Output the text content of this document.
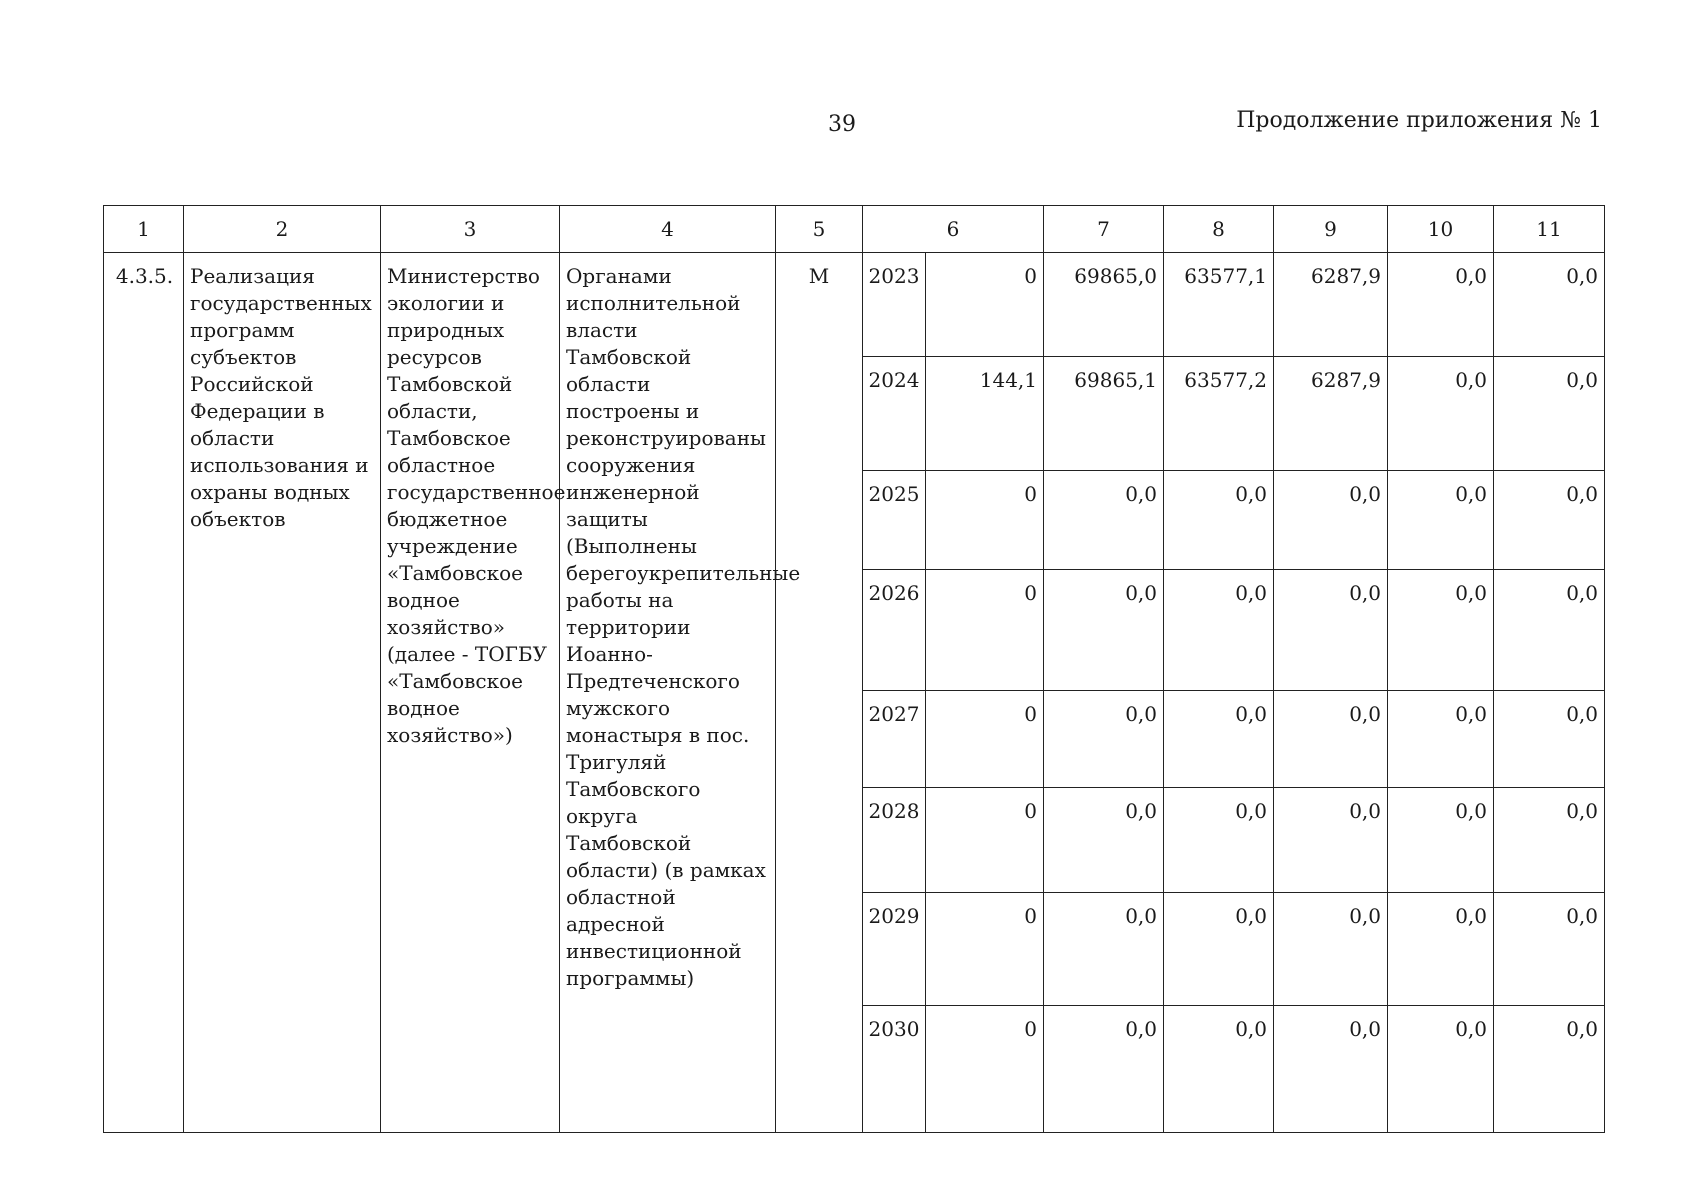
39	Продолжение приложения № 1
1	2	3	4	5	6		7	8	9	10	11
4.3.5.	Реализация государственных программ субъектов Российской Федерации в области использования и охраны водных объектов	Министерство экологии и природных ресурсов Тамбовской области, Тамбовское областное государственное бюджетное учреждение «Тамбовское водное хозяйство» (далее - ТОГБУ «Тамбовское водное хозяйство»)	Органами исполнительной власти Тамбовской области построены и реконструированы сооружения инженерной защиты (Выполнены берегоукрепительные работы на территории Иоанно-Предтеченского мужского монастыря в пос. Тригуляй Тамбовского округа Тамбовской области) (в рамках областной адресной инвестиционной программы)	М	2023	0	69865,0	63577,1	6287,9	0,0	0,0
					2024	144,1	69865,1	63577,2	6287,9	0,0	0,0
					2025	0	0,0	0,0	0,0	0,0	0,0
					2026	0	0,0	0,0	0,0	0,0	0,0
					2027	0	0,0	0,0	0,0	0,0	0,0
					2028	0	0,0	0,0	0,0	0,0	0,0
					2029	0	0,0	0,0	0,0	0,0	0,0
					2030	0	0,0	0,0	0,0	0,0	0,0
